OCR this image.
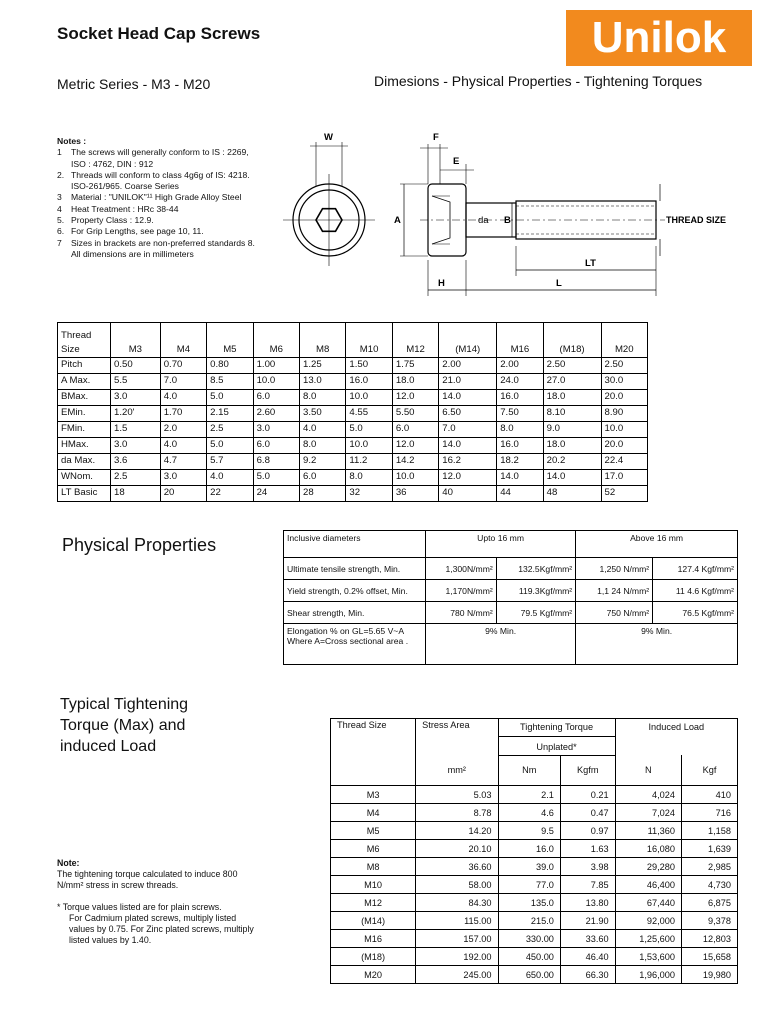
Socket Head Cap Screws	Unilok
Metric Series - M3 - M20	Dimesions - Physical Properties - Tightening Torques
Notes :
1	The screws will generally conform to IS : 2269, ISO : 4762, DIN : 912
2. Threads will conform to class 4g6g of IS: 4218. ISO-261/965. Coarse Series
3	Material : "UNILOK"¹¹ High Grade Alloy Steel
4	Heat Treatment : HRc 38-44
5. Property Class : 12.9.
6. For Grip Lengths, see page 10, 11.
7	Sizes in brackets are non-preferred standards 8. All dimensions are in millimeters
W	F
E
A	da B
H
LT
L
THREAD SIZE
Thread Size	M3	M4	M5	M6	M8	M10	M12	(M14)	M16	(M18)	M20
Pitch	0.50	0.70	0.80	1.00	1.25	1.50	1.75	2.00	2.00	2.50	2.50
A Max.	5.5	7.0	8.5	10.0	13.0	16.0	18.0	21.0	24.0	27.0	30.0
BMax.	3.0	4.0	5.0	6.0	8.0	10.0	12.0	14.0	16.0	18.0	20.0
EMin.	1.20'	1.70	2.15	2.60	3.50	4.55	5.50	6.50	7.50	8.10	8.90
FMin.	1.5	2.0	2.5	3.0	4.0	5.0	6.0	7.0	8.0	9.0	10.0
HMax.	3.0	4.0	5.0	6.0	8.0	10.0	12.0	14.0	16.0	18.0	20.0
da Max.	3.6	4.7	5.7	6.8	9.2	11.2	14.2	16.2	18.2	20.2	22.4
WNom.	2.5	3.0	4.0	5.0	6.0	8.0	10.0	12.0	14.0	14.0	17.0
LT Basic	18	20	22	24	28	32	36	40	44	48	52
Physical Properties	Inclusive diameters	Upto 16 mm		Above 16 mm	
Ultimate tensile strength, Min.	1,300N/mm²	132.5Kgf/mm²	1,250 N/mm²	127.4 Kgf/mm²
Yield strength, 0.2% offset, Min.	1,170N/mm²	119.3Kgf/mm²	1,1 24 N/mm²	11 4.6 Kgf/mm²
Shear strength, Min.	780 N/mm²	79.5 Kgf/mm²	750 N/mm²	76.5 Kgf/mm²

Elongation % on GL=5.65 V~A
Where A=Cross sectional area .	9% Min.		9% Min.	
Typical Tightening Torque (Max) and induced Load
Thread Size	Stress Area	Tightening Torque		Induced Load	
		Unplated*			
	mm²	Nm	Kgfm	N	Kgf
M3	5.03	2.1	0.21	4,024	410
M4	8.78	4.6	0.47	7,024	716
M5	14.20	9.5	0.97	11,360	1,158
M6	20.10	16.0	1.63	16,080	1,639
M8	36.60	39.0	3.98	29,280	2,985
M10	58.00	77.0	7.85	46,400	4,730
M12	84.30	135.0	13.80	67,440	6,875
(M14)	115.00	215.0	21.90	92,000	9,378
M16	157.00	330.00	33.60	1,25,600	12,803
(M18)	192.00	450.00	46.40	1,53,600	15,658
M20	245.00	650.00	66.30	1,96,000	19,980
Note:
The tightening torque calculated to induce 800 N/mm² stress in screw threads.
* Torque values listed are for plain screws.
For Cadmium plated screws, multiply listed values by 0.75. For Zinc plated screws, multiply listed values by 1.40.
